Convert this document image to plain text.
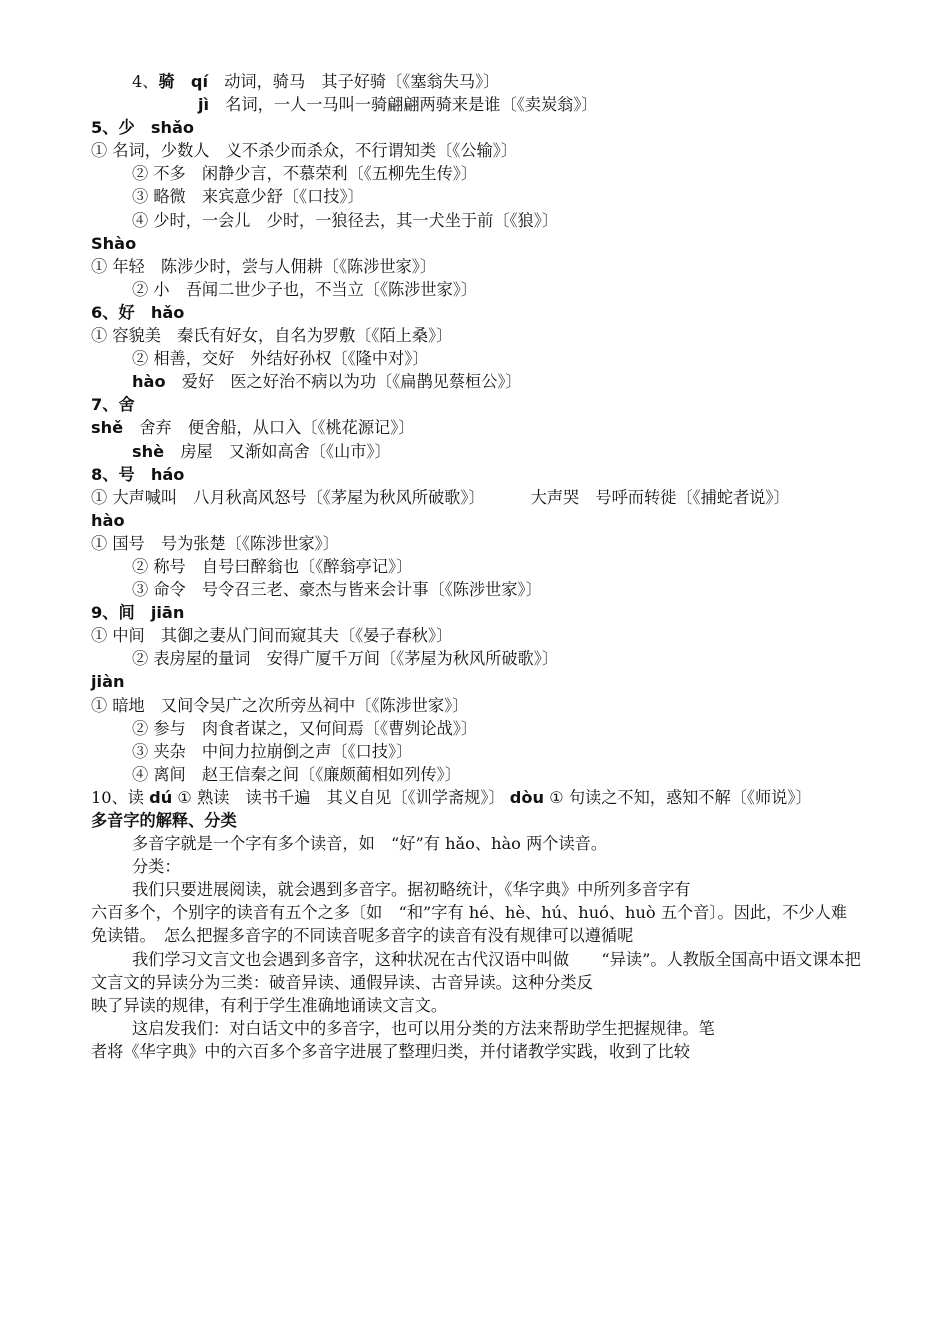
4、骑　 qí　 动词，骑马　其子好骑〔《塞翁失马》〕
jì　 名词，一人一马叫一骑翩翩两骑来是谁〔《卖炭翁》〕
5、少　shǎo
① 名词，少数人　义不杀少而杀众，不行谓知类〔《公输》〕
② 不多　闲静少言，不慕荣利〔《五柳先生传》〕
③ 略微　来宾意少舒〔《口技》〕
④ 少时，一会儿　少时，一狼径去，其一犬坐于前〔《狼》〕
Shào
① 年轻　陈涉少时，尝与人佣耕〔《陈涉世家》〕
② 小　吾闻二世少子也，不当立〔《陈涉世家》〕
6、好　hǎo
① 容貌美　秦氏有好女，自名为罗敷〔《陌上桑》〕
② 相善，交好　外结好孙权〔《隆中对》〕
hào　 爱好　医之好治不病以为功〔《扁鹊见蔡桓公》〕
7、舍
shě　 舍弃　便舍船，从口入〔《桃花源记》〕
shè　 房屋　又渐如高舍〔《山市》〕
8、号　háo
① 大声喊叫　八月秋高风怒号〔《茅屋为秋风所破歌》〕	大声哭　号呼而转徙〔《捕蛇者说》〕
hào
① 国号　号为张楚〔《陈涉世家》〕
② 称号　自号曰醉翁也〔《醉翁亭记》〕
③ 命令　号令召三老、豪杰与皆来会计事〔《陈涉世家》〕
9、间　jiān
① 中间　其御之妻从门间而窥其夫〔《晏子春秋》〕
② 表房屋的量词　安得广厦千万间〔《茅屋为秋风所破歌》〕
jiàn
① 暗地　又间令吴广之次所旁丛祠中〔《陈涉世家》〕
② 参与　肉食者谋之，又何间焉〔《曹刿论战》〕
③ 夹杂　中间力拉崩倒之声〔《口技》〕
④ 离间　赵王信秦之间〔《廉颇蔺相如列传》〕
10、读 dú ① 熟读　读书千遍　其义自见〔《训学斋规》〕 dòu ① 句读之不知，惑知不解〔《师说》〕
多音字的解释、分类
多音字就是一个字有多个读音，如　“好”有 hǎo、hào 两个读音。
分类：
我们只要进展阅读，就会遇到多音字。据初略统计，《华字典》中所列多音字有
六百多个，个别字的读音有五个之多〔如　“和”字有 hé、hè、hú、huó、huò 五个音〕。因此，不少人难免读错。　怎么把握多音字的不同读音呢多音字的读音有没有规律可以遵循呢
我们学习文言文也会遇到多音字，这种状况在古代汉语中叫做　　“异读”。人教版全国高中语文课本把文言文的异读分为三类：破音异读、通假异读、古音异读。这种分类反
映了异读的规律，有利于学生准确地诵读文言文。
这启发我们：对白话文中的多音字，也可以用分类的方法来帮助学生把握规律。笔
者将《华字典》中的六百多个多音字进展了整理归类，并付诸教学实践，收到了比较
